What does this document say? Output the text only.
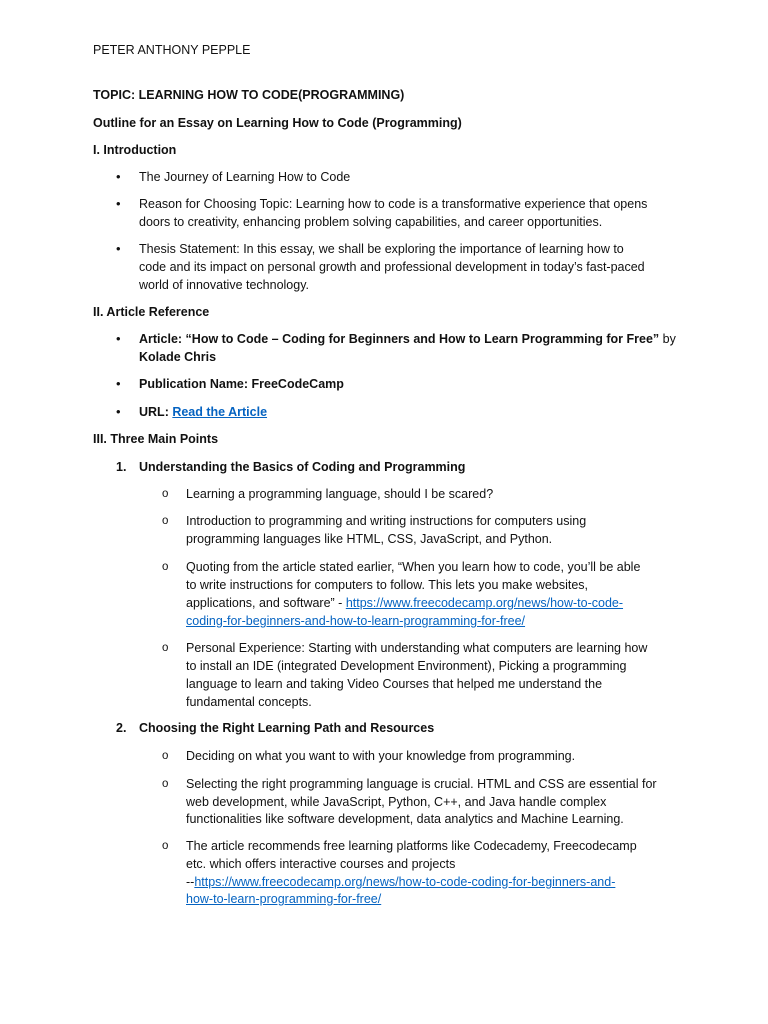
PETER ANTHONY PEPPLE
TOPIC: LEARNING HOW TO CODE(PROGRAMMING)
Outline for an Essay on Learning How to Code (Programming)
I. Introduction
• The Journey of Learning How to Code
• Reason for Choosing Topic: Learning how to code is a transformative experience that opens
doors to creativity, enhancing problem solving capabilities, and career opportunities.
• Thesis Statement: In this essay, we shall be exploring the importance of learning how to
code and its impact on personal growth and professional development in today’s fast-paced
world of innovative technology.
II. Article Reference
• Article: “How to Code – Coding for Beginners and How to Learn Programming for Free” by
Kolade Chris
• Publication Name: FreeCodeCamp
• URL: Read the Article
III. Three Main Points
1. Understanding the Basics of Coding and Programming
o Learning a programming language, should I be scared?
o Introduction to programming and writing instructions for computers using
programming languages like HTML, CSS, JavaScript, and Python.
o Quoting from the article stated earlier, “When you learn how to code, you’ll be able
to write instructions for computers to follow. This lets you make websites,
applications, and software” - https://www.freecodecamp.org/news/how-to-code-
coding-for-beginners-and-how-to-learn-programming-for-free/
o Personal Experience: Starting with understanding what computers are learning how
to install an IDE (integrated Development Environment), Picking a programming
language to learn and taking Video Courses that helped me understand the
fundamental concepts.
2. Choosing the Right Learning Path and Resources
o Deciding on what you want to with your knowledge from programming.
o Selecting the right programming language is crucial. HTML and CSS are essential for
web development, while JavaScript, Python, C++, and Java handle complex
functionalities like software development, data analytics and Machine Learning.
o The article recommends free learning platforms like Codecademy, Freecodecamp
etc. which offers interactive courses and projects
--https://www.freecodecamp.org/news/how-to-code-coding-for-beginners-and-
how-to-learn-programming-for-free/
